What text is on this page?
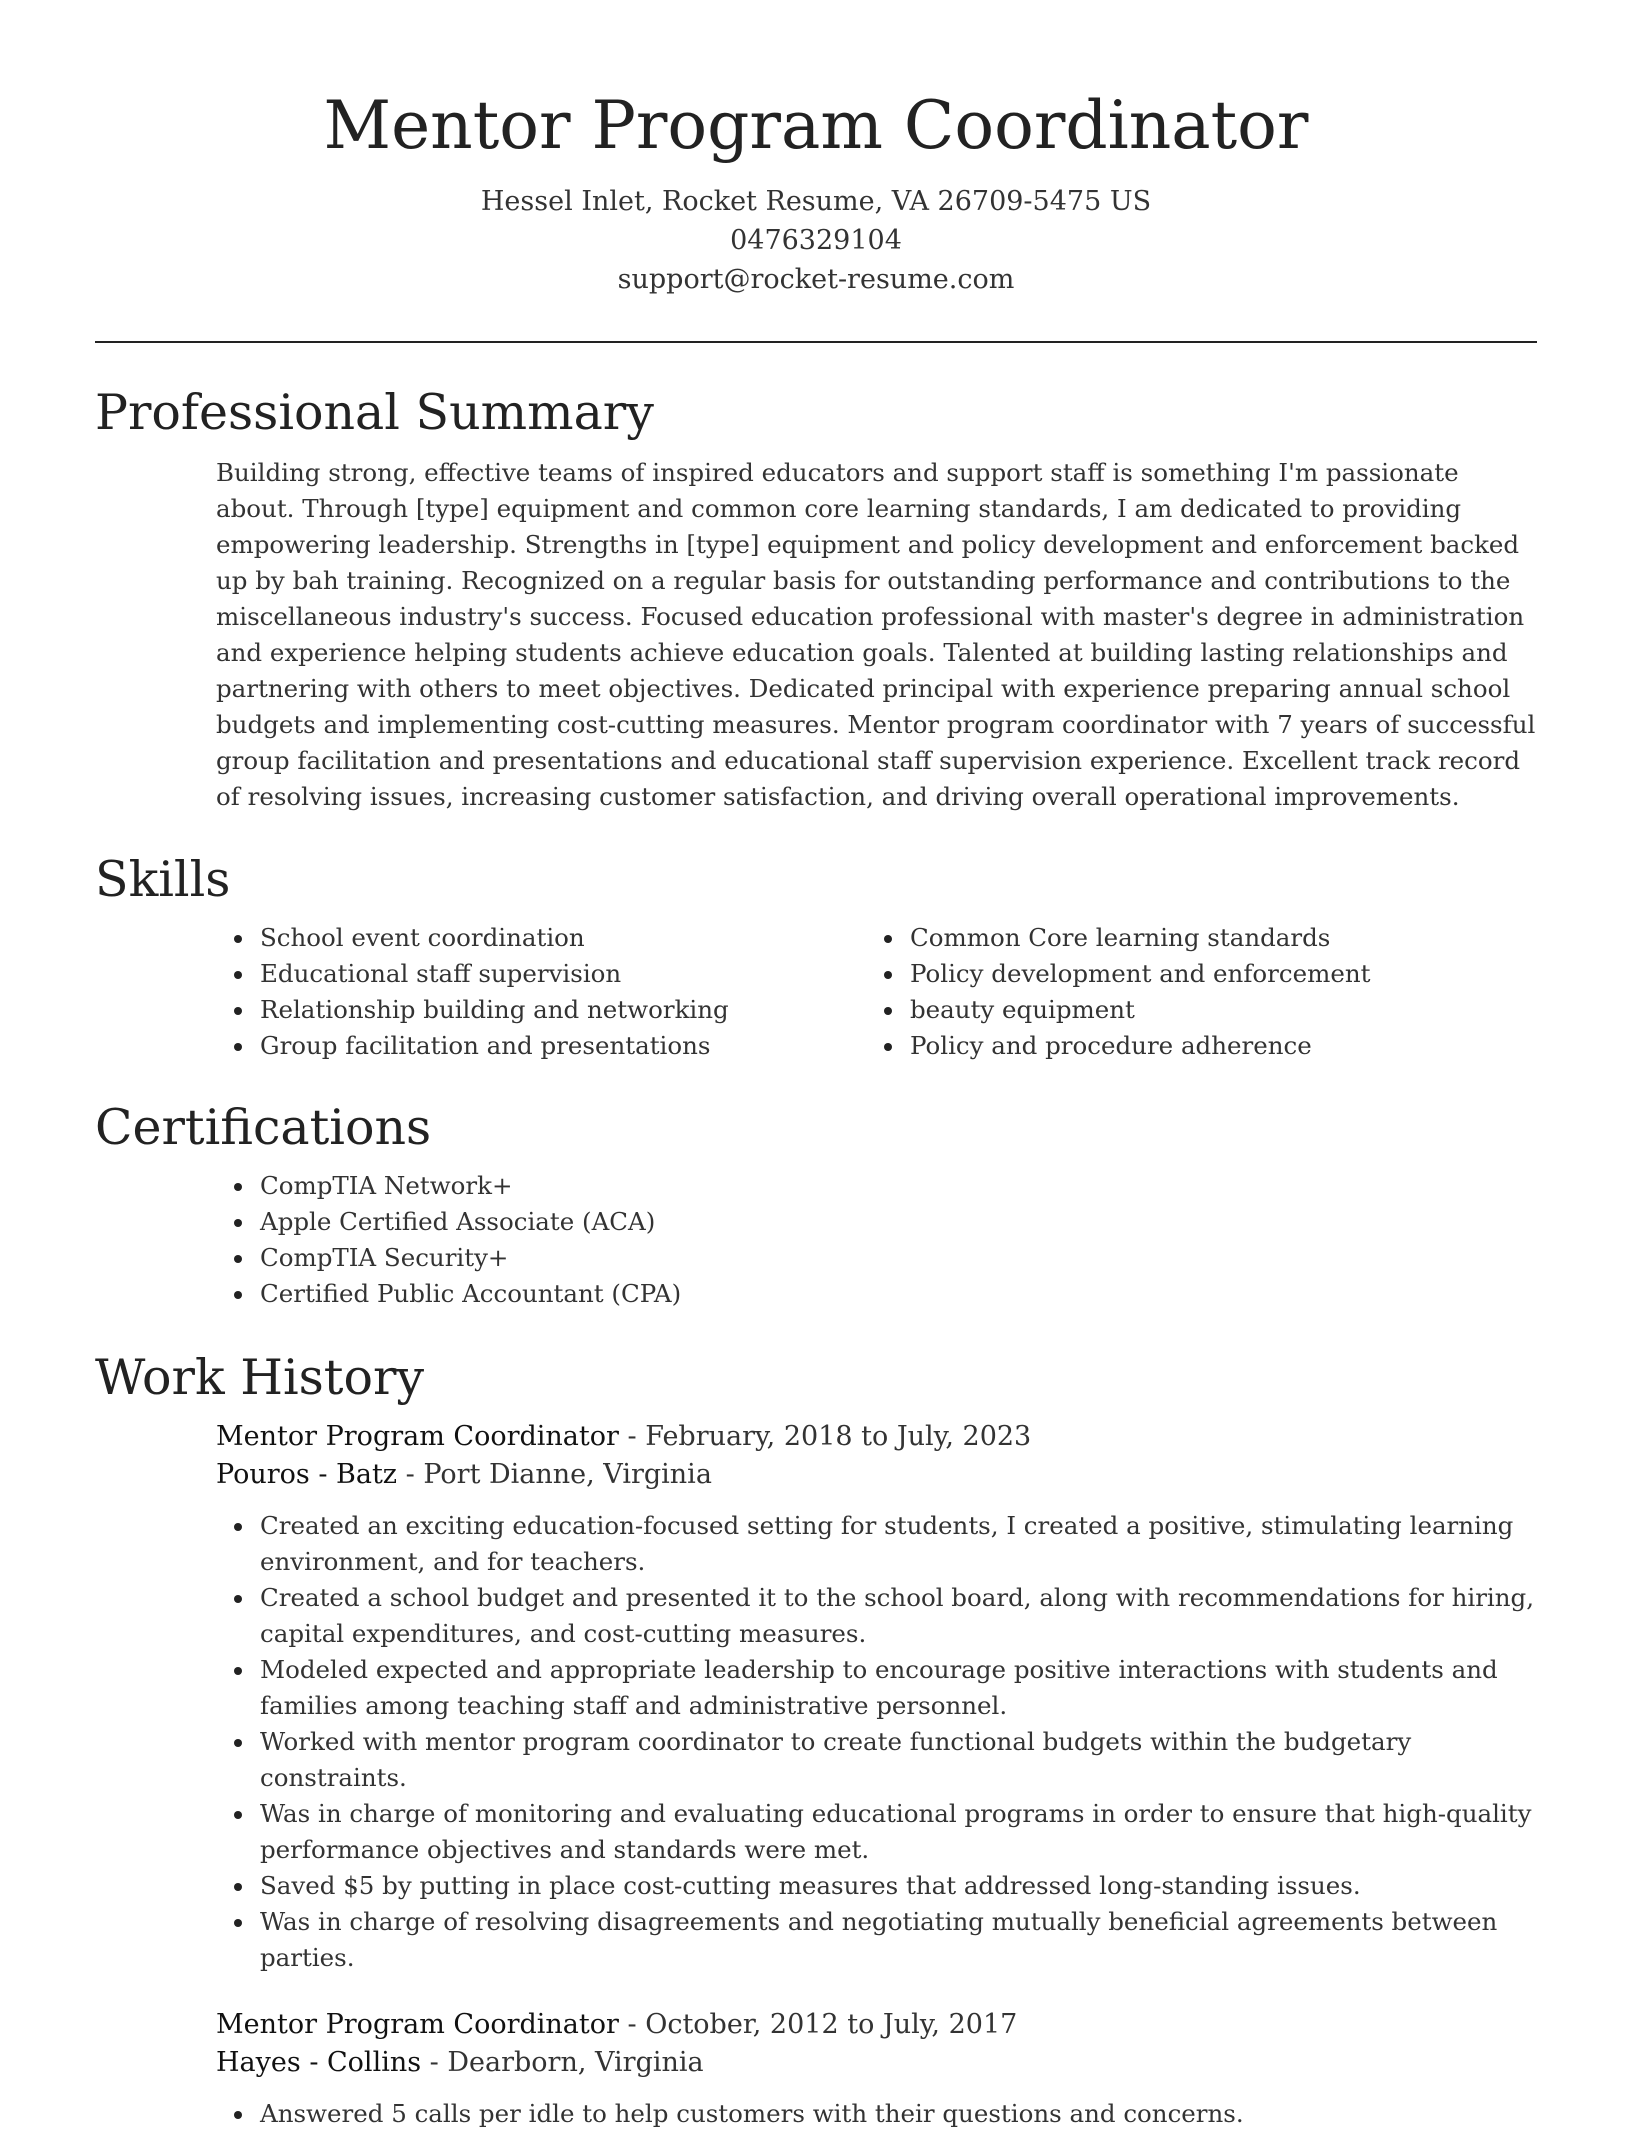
Mentor Program Coordinator
Hessel Inlet, Rocket Resume, VA 26709-5475 US
0476329104
support@rocket-resume.com
Professional Summary
Building strong, effective teams of inspired educators and support staff is something I'm passionate about. Through [type] equipment and common core learning standards, I am dedicated to providing empowering leadership. Strengths in [type] equipment and policy development and enforcement backed up by bah training. Recognized on a regular basis for outstanding performance and contributions to the miscellaneous industry's success. Focused education professional with master's degree in administration and experience helping students achieve education goals. Talented at building lasting relationships and partnering with others to meet objectives. Dedicated principal with experience preparing annual school budgets and implementing cost-cutting measures. Mentor program coordinator with 7 years of successful group facilitation and presentations and educational staff supervision experience. Excellent track record of resolving issues, increasing customer satisfaction, and driving overall operational improvements.
Skills
School event coordination
Educational staff supervision
Relationship building and networking
Group facilitation and presentations
Common Core learning standards
Policy development and enforcement
beauty equipment
Policy and procedure adherence
Certifications
CompTIA Network+
Apple Certified Associate (ACA)
CompTIA Security+
Certified Public Accountant (CPA)
Work History
Mentor Program Coordinator - February, 2018 to July, 2023
Pouros - Batz - Port Dianne, Virginia
Created an exciting education-focused setting for students, I created a positive, stimulating learning environment, and for teachers.
Created a school budget and presented it to the school board, along with recommendations for hiring, capital expenditures, and cost-cutting measures.
Modeled expected and appropriate leadership to encourage positive interactions with students and families among teaching staff and administrative personnel.
Worked with mentor program coordinator to create functional budgets within the budgetary constraints.
Was in charge of monitoring and evaluating educational programs in order to ensure that high-quality performance objectives and standards were met.
Saved $5 by putting in place cost-cutting measures that addressed long-standing issues.
Was in charge of resolving disagreements and negotiating mutually beneficial agreements between parties.
Mentor Program Coordinator - October, 2012 to July, 2017
Hayes - Collins - Dearborn, Virginia
Answered 5 calls per idle to help customers with their questions and concerns.
